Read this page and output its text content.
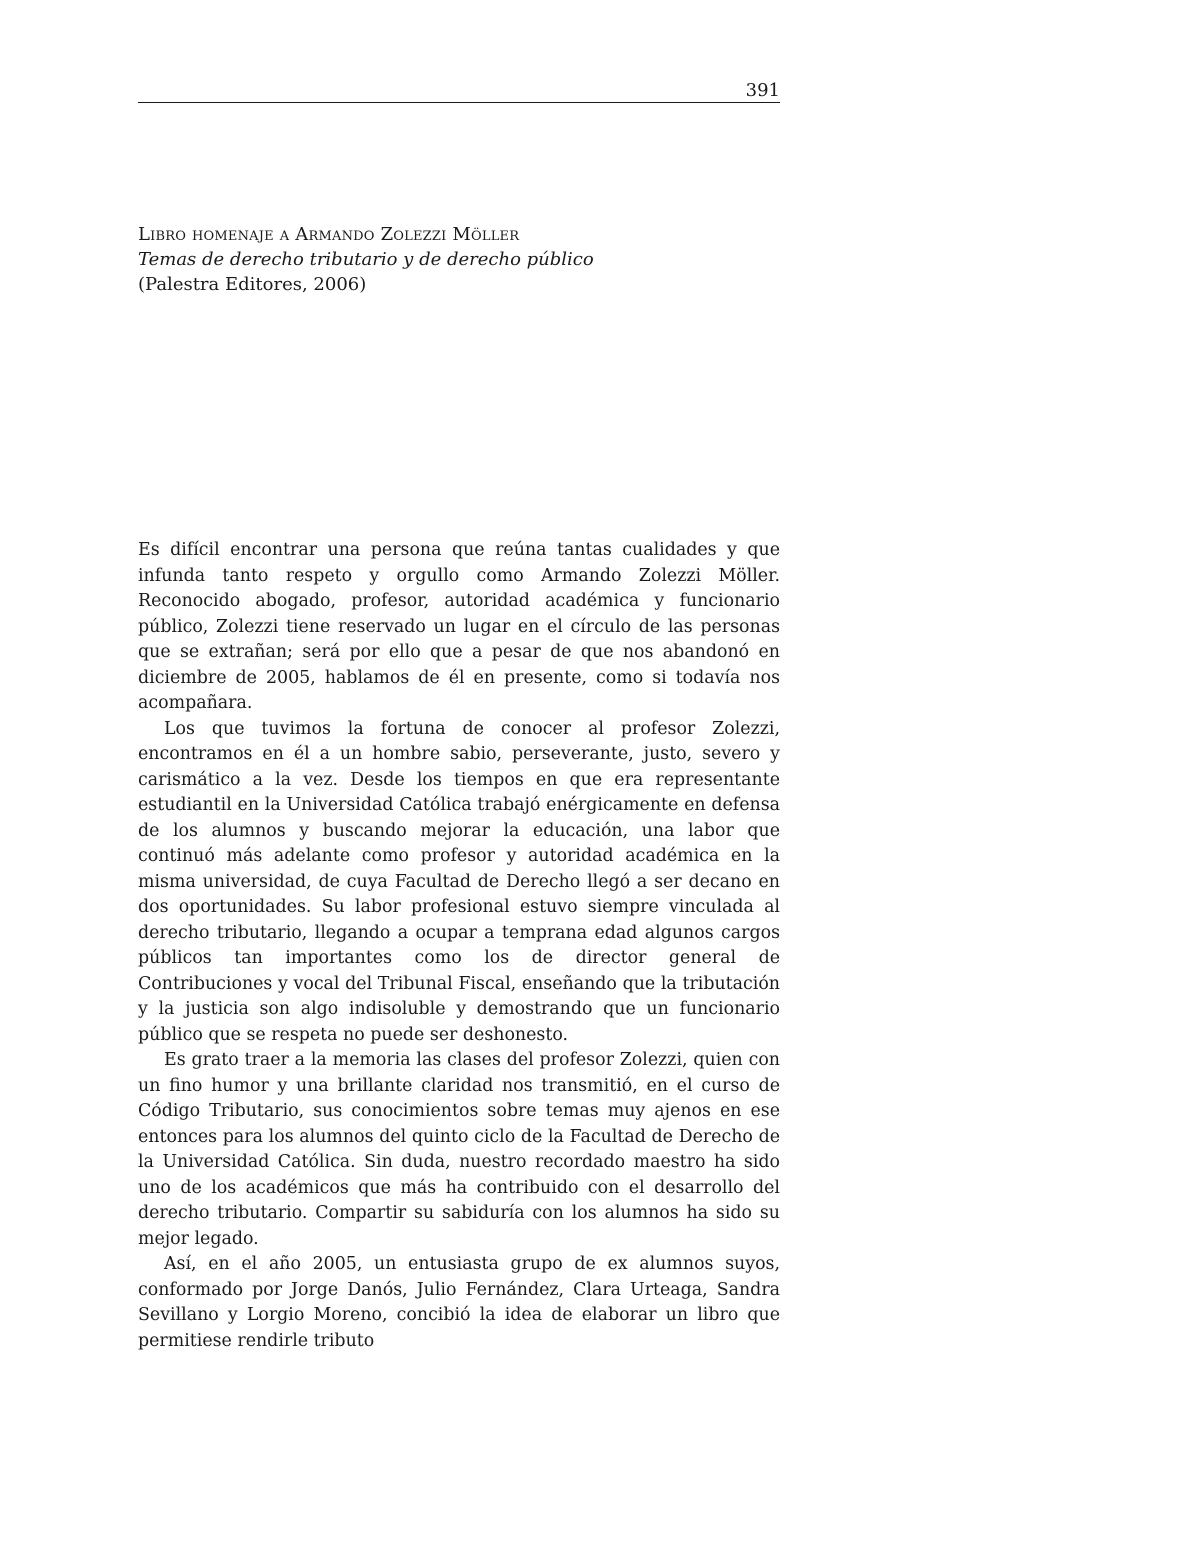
391
Libro homenaje a Armando Zolezzi Möller
Temas de derecho tributario y de derecho público
(Palestra Editores, 2006)

Es difícil encontrar una persona que reúna tantas cualidades y que infunda tanto respeto y orgullo como Armando Zolezzi Möller. Reconocido abogado, profesor, autoridad académica y funcionario público, Zolezzi tiene reservado un lugar en el círculo de las personas que se extrañan; será por ello que a pesar de que nos abandonó en diciembre de 2005, hablamos de él en presente, como si todavía nos acompañara.

Los que tuvimos la fortuna de conocer al profesor Zolezzi, encontramos en él a un hombre sabio, perseverante, justo, severo y carismático a la vez. Desde los tiempos en que era representante estudiantil en la Universidad Católica trabajó enérgicamente en defensa de los alumnos y buscando mejorar la educación, una labor que continuó más adelante como profesor y autoridad académica en la misma universidad, de cuya Facultad de Derecho llegó a ser decano en dos oportunidades. Su labor profesional estuvo siempre vinculada al derecho tributario, llegando a ocupar a temprana edad algunos cargos públicos tan importantes como los de director general de Contribuciones y vocal del Tribunal Fiscal, enseñando que la tributación y la justicia son algo indisoluble y demostrando que un funcionario público que se respeta no puede ser deshonesto.

Es grato traer a la memoria las clases del profesor Zolezzi, quien con un fino humor y una brillante claridad nos transmitió, en el curso de Código Tributario, sus conocimientos sobre temas muy ajenos en ese entonces para los alumnos del quinto ciclo de la Facultad de Derecho de la Universidad Católica. Sin duda, nuestro recordado maestro ha sido uno de los académicos que más ha contribuido con el desarrollo del derecho tributario. Compartir su sabiduría con los alumnos ha sido su mejor legado.

Así, en el año 2005, un entusiasta grupo de ex alumnos suyos, conformado por Jorge Danós, Julio Fernández, Clara Urteaga, Sandra Sevillano y Lorgio Moreno, concibió la idea de elaborar un libro que permitiese rendirle tributo
